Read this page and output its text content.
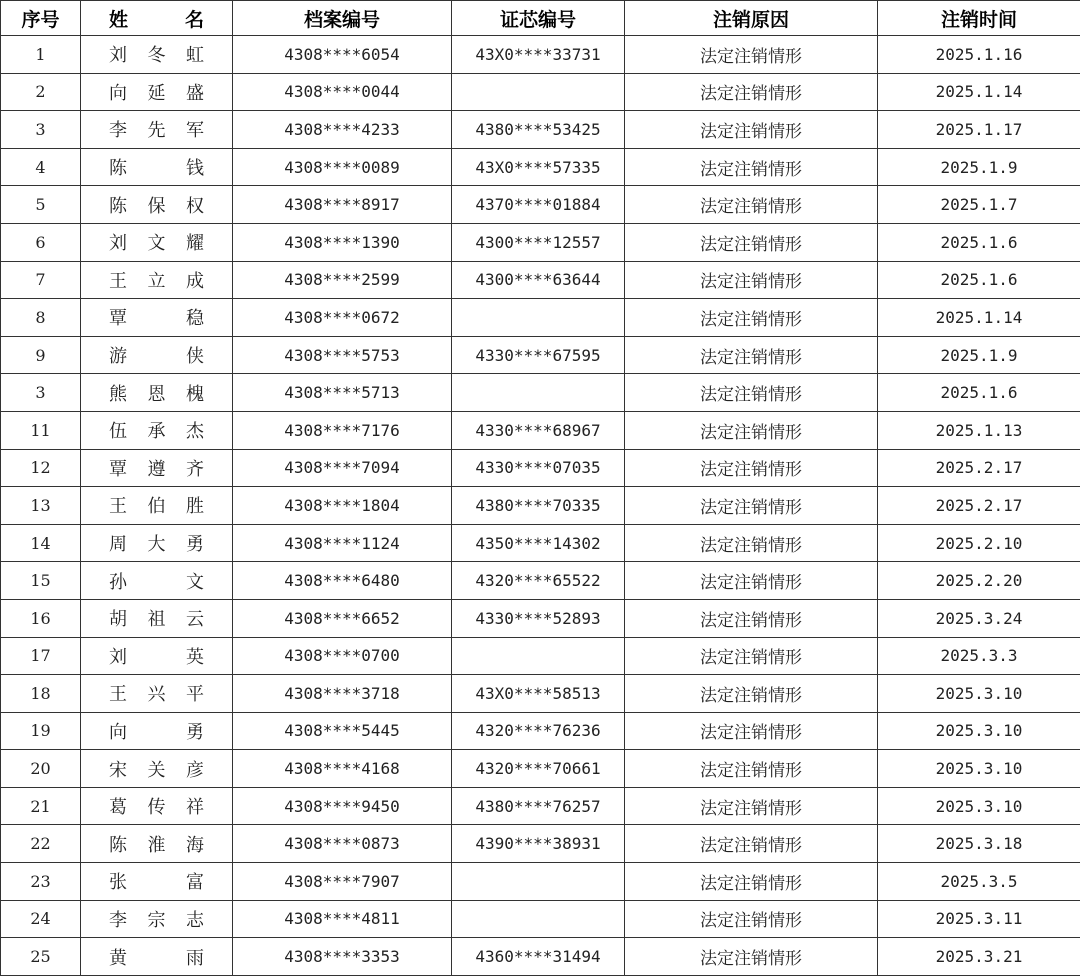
序号	姓　名	档案编号	证芯编号	注销原因	注销时间
1	刘冬虹	4308****6054	43X0****33731	法定注销情形	2025.1.16
2	向延盛	4308****0044		法定注销情形	2025.1.14
3	李先军	4308****4233	4380****53425	法定注销情形	2025.1.17
4	陈　钱	4308****0089	43X0****57335	法定注销情形	2025.1.9
5	陈保权	4308****8917	4370****01884	法定注销情形	2025.1.7
6	刘文耀	4308****1390	4300****12557	法定注销情形	2025.1.6
7	王立成	4308****2599	4300****63644	法定注销情形	2025.1.6
8	覃　稳	4308****0672		法定注销情形	2025.1.14
9	游　侠	4308****5753	4330****67595	法定注销情形	2025.1.9
3	熊恩槐	4308****5713		法定注销情形	2025.1.6
11	伍承杰	4308****7176	4330****68967	法定注销情形	2025.1.13
12	覃遵齐	4308****7094	4330****07035	法定注销情形	2025.2.17
13	王伯胜	4308****1804	4380****70335	法定注销情形	2025.2.17
14	周大勇	4308****1124	4350****14302	法定注销情形	2025.2.10
15	孙　文	4308****6480	4320****65522	法定注销情形	2025.2.20
16	胡祖云	4308****6652	4330****52893	法定注销情形	2025.3.24
17	刘　英	4308****0700		法定注销情形	2025.3.3
18	王兴平	4308****3718	43X0****58513	法定注销情形	2025.3.10
19	向　勇	4308****5445	4320****76236	法定注销情形	2025.3.10
20	宋关彦	4308****4168	4320****70661	法定注销情形	2025.3.10
21	葛传祥	4308****9450	4380****76257	法定注销情形	2025.3.10
22	陈淮海	4308****0873	4390****38931	法定注销情形	2025.3.18
23	张　富	4308****7907		法定注销情形	2025.3.5
24	李宗志	4308****4811		法定注销情形	2025.3.11
25	黄　雨	4308****3353	4360****31494	法定注销情形	2025.3.21
